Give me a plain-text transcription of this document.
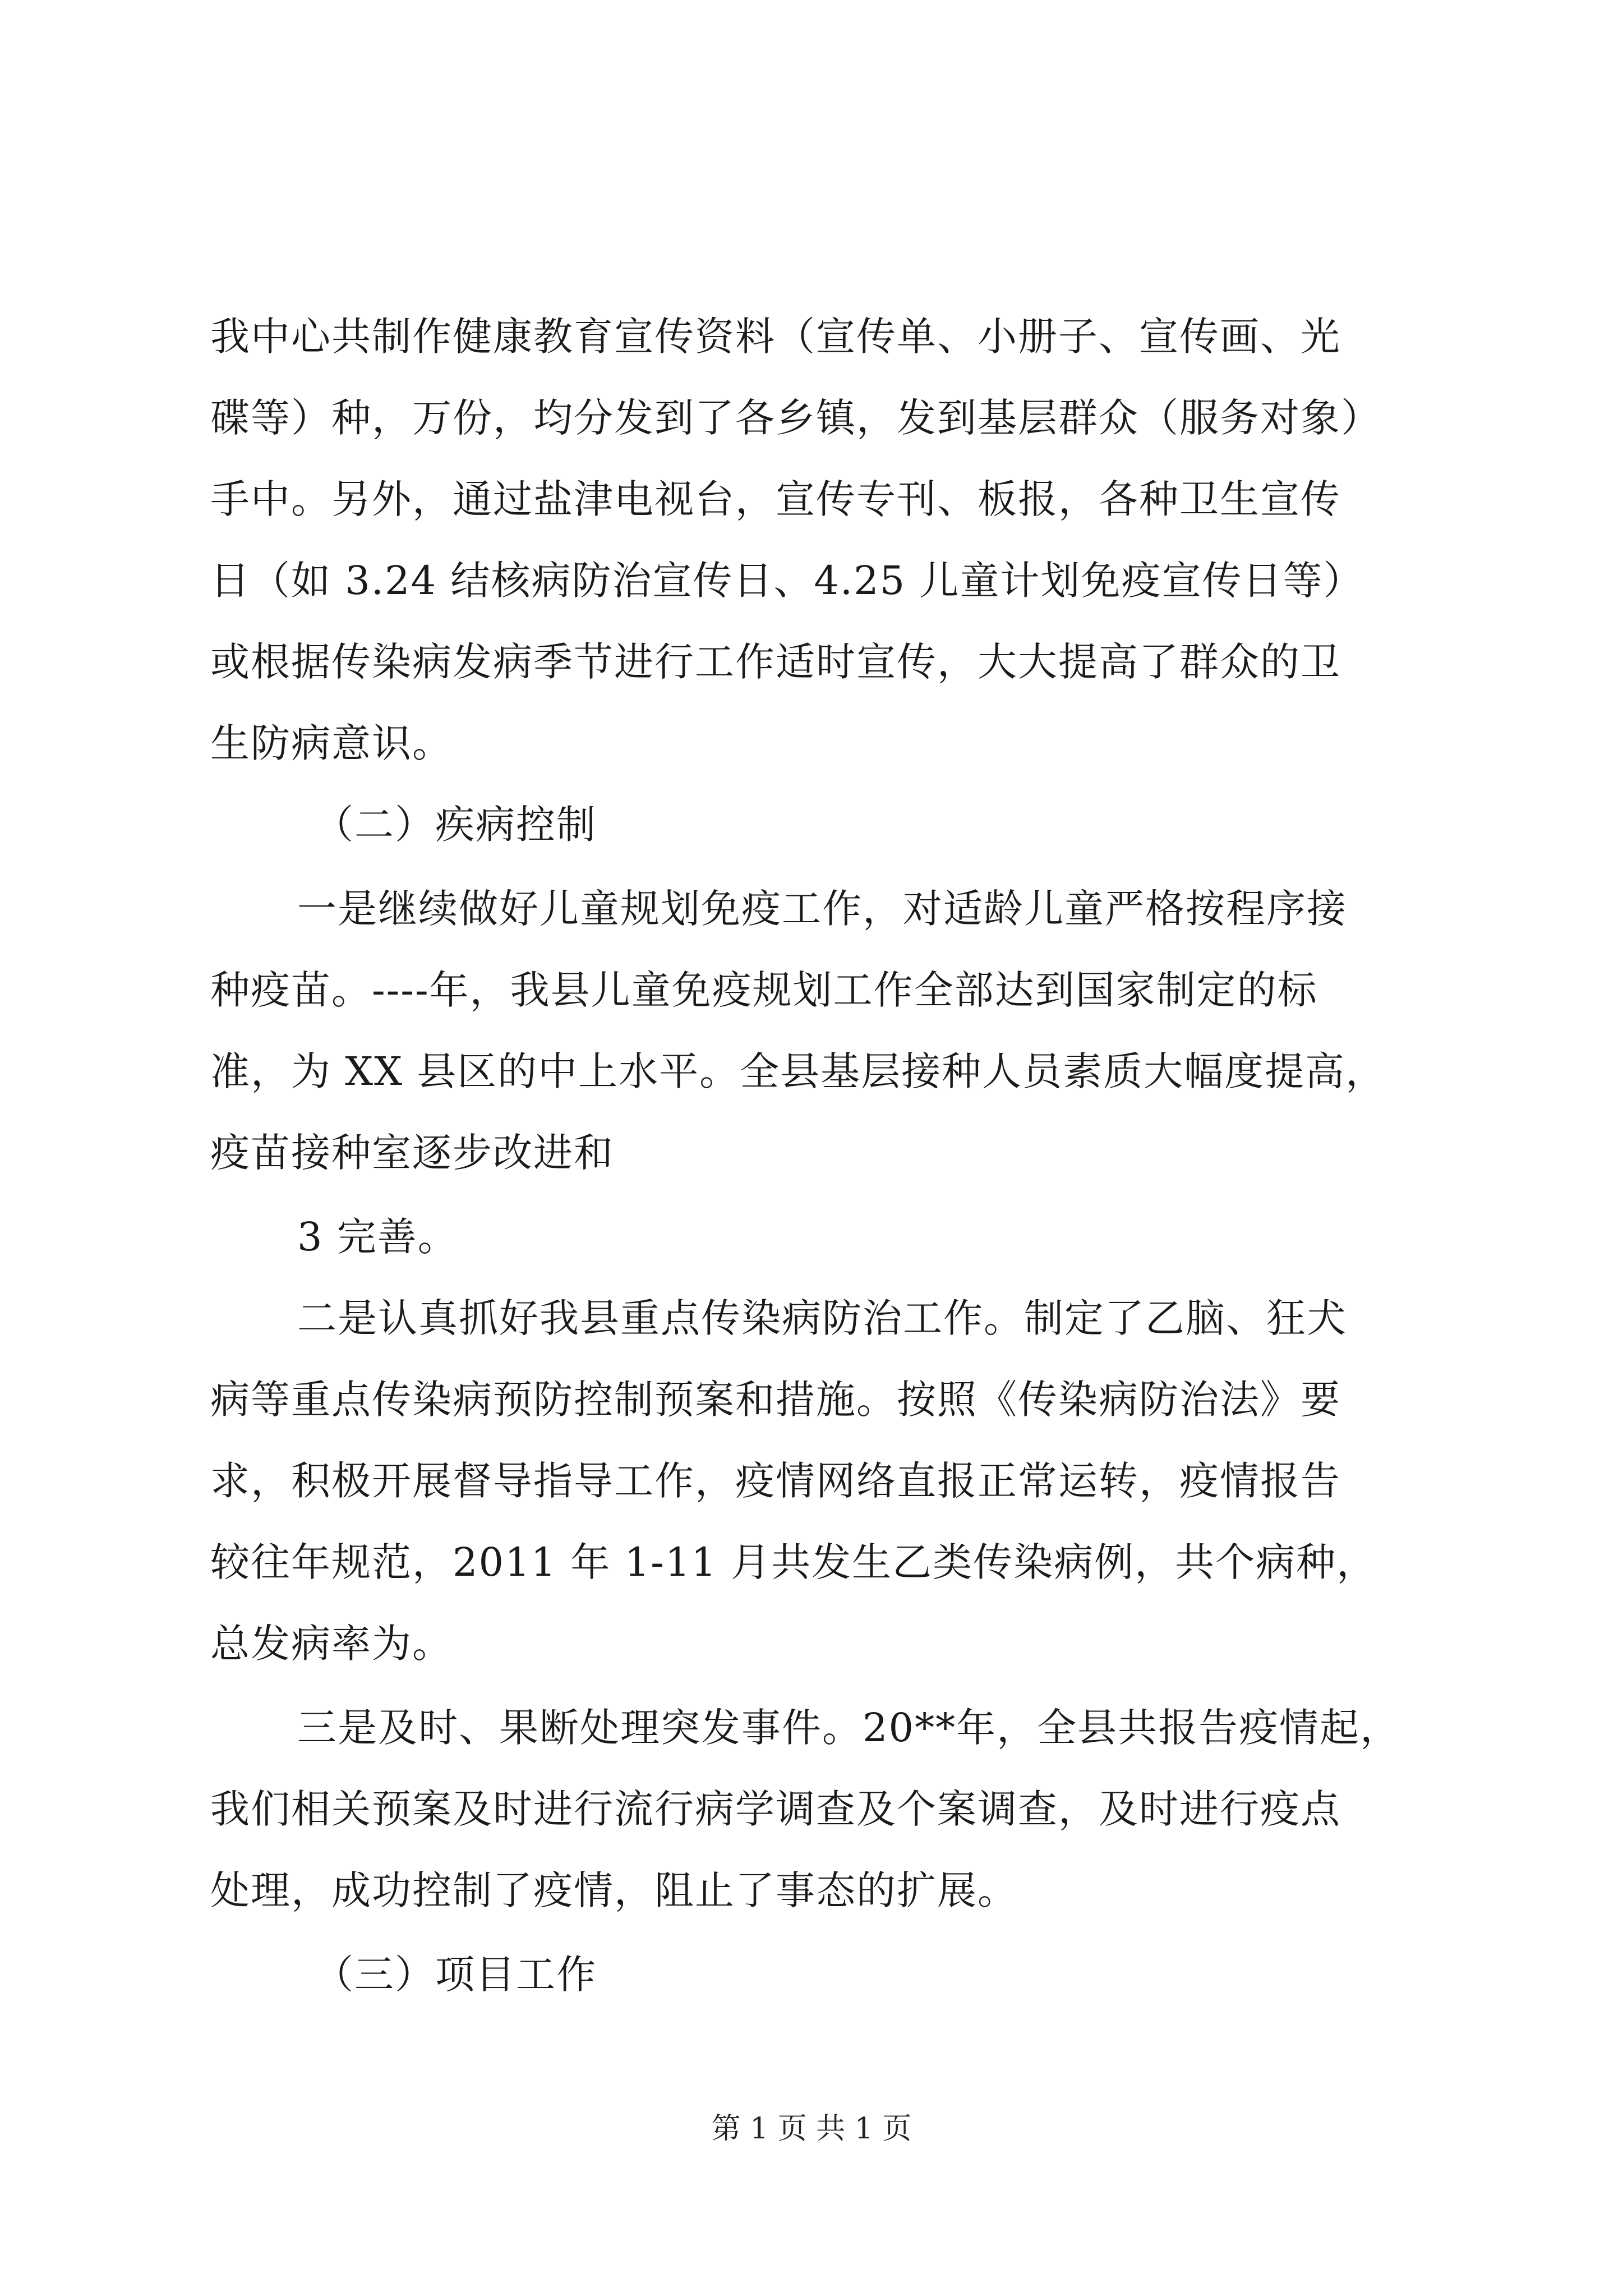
我中心共制作健康教育宣传资料（宣传单、小册子、宣传画、光
碟等）种，万份，均分发到了各乡镇，发到基层群众（服务对象）
手中。另外，通过盐津电视台，宣传专刊、板报，各种卫生宣传
日（如 3.24 结核病防治宣传日、4.25 儿童计划免疫宣传日等）
或根据传染病发病季节进行工作适时宣传，大大提高了群众的卫
生防病意识。
（二）疾病控制
一是继续做好儿童规划免疫工作，对适龄儿童严格按程序接
种疫苗。----年，我县儿童免疫规划工作全部达到国家制定的标
准，为 XX 县区的中上水平。全县基层接种人员素质大幅度提高，
疫苗接种室逐步改进和
3 完善。
二是认真抓好我县重点传染病防治工作。制定了乙脑、狂犬
病等重点传染病预防控制预案和措施。按照《传染病防治法》要
求，积极开展督导指导工作，疫情网络直报正常运转，疫情报告
较往年规范，2011 年 1-11 月共发生乙类传染病例，共个病种，
总发病率为。
三是及时、果断处理突发事件。20**年，全县共报告疫情起，
我们相关预案及时进行流行病学调查及个案调查，及时进行疫点
处理，成功控制了疫情，阻止了事态的扩展。
（三）项目工作
第 1 页 共 1 页
